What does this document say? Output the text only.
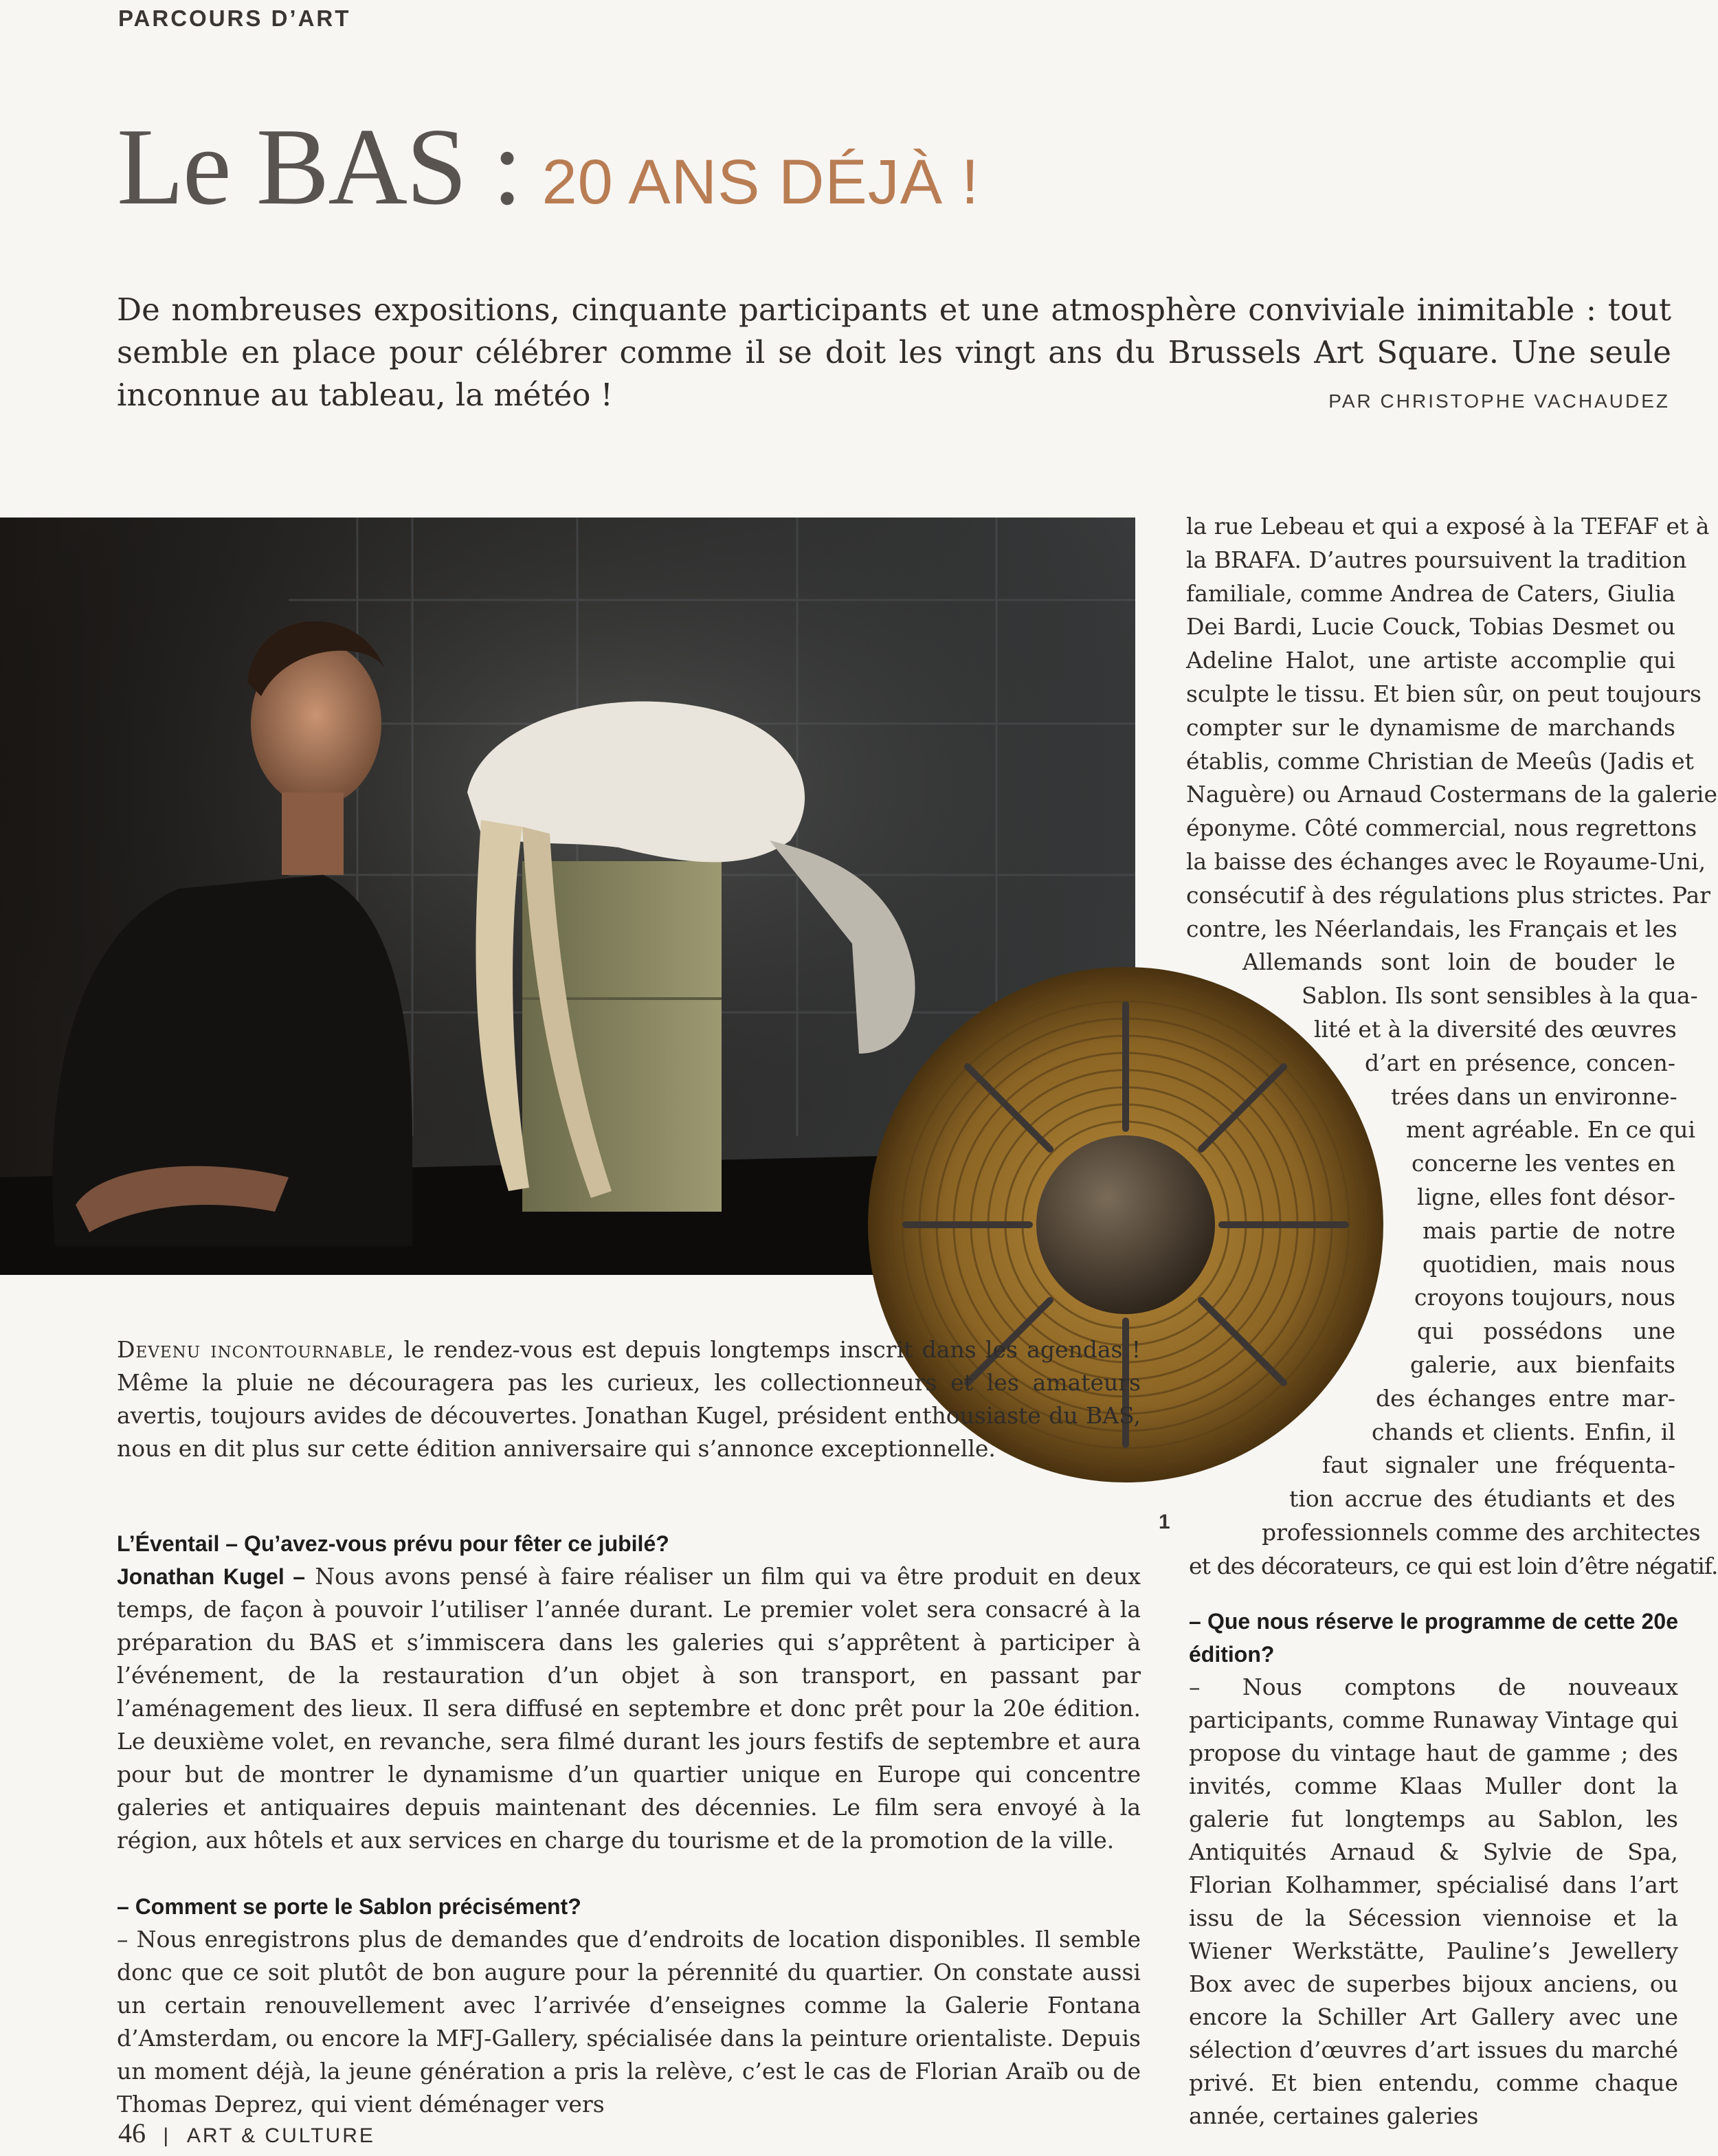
PARCOURS D’ART
Le BAS : 20 ANS DÉJÀ !
De nombreuses expositions, cinquante participants et une atmosphère conviviale inimitable : tout semble en place pour célébrer comme il se doit les vingt ans du Brussels Art Square. Une seule inconnue au tableau, la météo !	PAR CHRISTOPHE VACHAUDEZ
1
Devenu incontournable, le rendez-vous est depuis longtemps inscrit dans les agendas ! Même la pluie ne découragera pas les curieux, les collectionneurs et les amateurs avertis, toujours avides de découvertes. Jonathan Kugel, président enthousiaste du BAS, nous en dit plus sur cette édition anniversaire qui s’annonce exceptionnelle.

L’Éventail – Qu’avez-vous prévu pour fêter ce jubilé?

Jonathan Kugel – Nous avons pensé à faire réaliser un film qui va être produit en deux temps, de façon à pouvoir l’utiliser l’année durant. Le premier volet sera consacré à la préparation du BAS et s’immiscera dans les galeries qui s’apprêtent à participer à l’événement, de la restauration d’un objet à son transport, en passant par l’aménagement des lieux. Il sera diffusé en septembre et donc prêt pour la 20e édition. Le deuxième volet, en revanche, sera filmé durant les jours festifs de septembre et aura pour but de montrer le dynamisme d’un quartier unique en Europe qui concentre galeries et antiquaires depuis maintenant des décennies. Le film sera envoyé à la région, aux hôtels et aux services en charge du tourisme et de la promotion de la ville.

– Comment se porte le Sablon précisément?

– Nous enregistrons plus de demandes que d’endroits de location disponibles. Il semble donc que ce soit plutôt de bon augure pour la pérennité du quartier. On constate aussi un certain renouvellement avec l’arrivée d’enseignes comme la Galerie Fontana d’Amsterdam, ou encore la MFJ-Gallery, spécialisée dans la peinture orientaliste. Depuis un moment déjà, la jeune génération a pris la relève, c’est le cas de Florian Araïb ou de Thomas Deprez, qui vient déménager vers

la rue Lebeau et qui a exposé à la TEFAF et à
la BRAFA. D’autres poursuivent la tradition
familiale, comme Andrea de Caters, Giulia
Dei Bardi, Lucie Couck, Tobias Desmet ou
Adeline Halot, une artiste accomplie qui
sculpte le tissu. Et bien sûr, on peut toujours
compter sur le dynamisme de marchands
établis, comme Christian de Meeûs (Jadis et
Naguère) ou Arnaud Costermans de la galerie
éponyme. Côté commercial, nous regrettons
la baisse des échanges avec le Royaume-Uni,
consécutif à des régulations plus strictes. Par
contre, les Néerlandais, les Français et les
Allemands sont loin de bouder le
Sablon. Ils sont sensibles à la qua-
lité et à la diversité des œuvres
d’art en présence, concen-
trées dans un environne-
ment agréable. En ce qui
concerne les ventes en
ligne, elles font désor-
mais partie de notre
quotidien, mais nous
croyons toujours, nous
qui possédons une
galerie, aux bienfaits
des échanges entre mar-
chands et clients. Enfin, il
faut signaler une fréquenta-
tion accrue des étudiants et des
professionnels comme des architectes
et des décorateurs, ce qui est loin d’être négatif.

– Que nous réserve le programme de cette 20e édition?

– Nous comptons de nouveaux participants, comme Runaway Vintage qui propose du vintage haut de gamme ; des invités, comme Klaas Muller dont la galerie fut longtemps au Sablon, les Antiquités Arnaud & Sylvie de Spa, Florian Kolhammer, spécialisé dans l’art issu de la Sécession viennoise et la Wiener Werkstätte, Pauline’s Jewellery Box avec de superbes bijoux anciens, ou encore la Schiller Art Gallery avec une sélection d’œuvres d’art issues du marché privé. Et bien entendu, comme chaque année, certaines galeries

46 | ART & CULTURE
